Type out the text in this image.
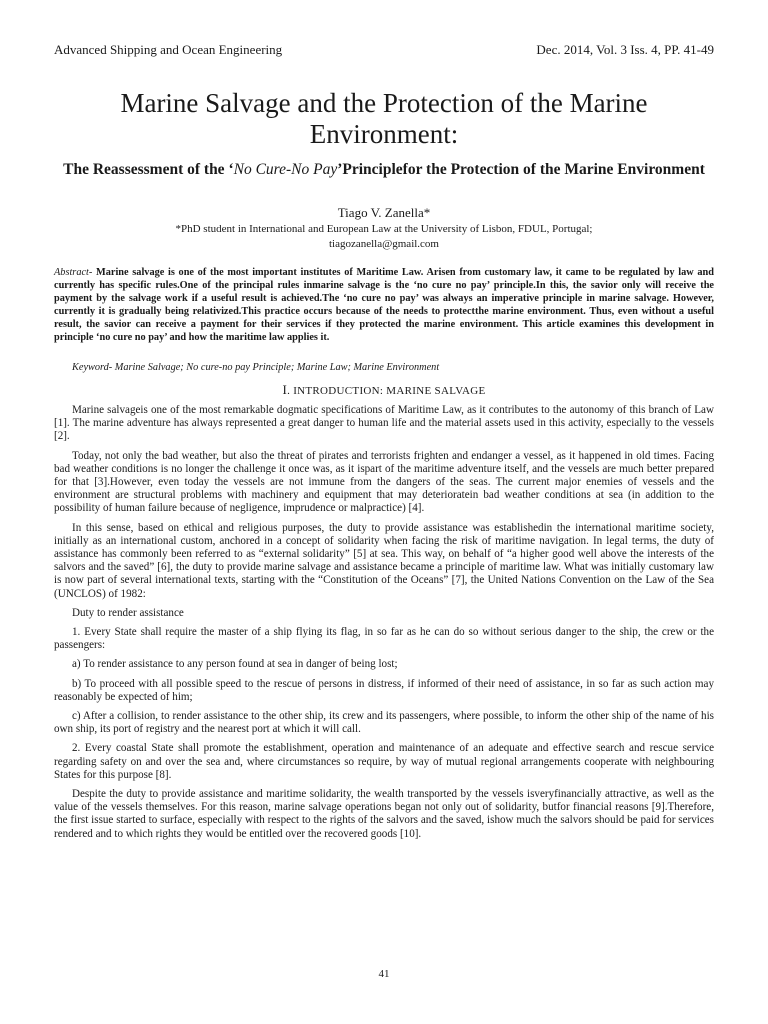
Advanced Shipping and Ocean Engineering	Dec. 2014, Vol. 3 Iss. 4, PP. 41-49
Marine Salvage and the Protection of the Marine
Environment:
The Reassessment of the ‘No Cure-No Pay’Principlefor the Protection of the Marine Environment
Tiago V. Zanella*
*PhD student in International and European Law at the University of Lisbon, FDUL, Portugal;
tiagozanella@gmail.com
Abstract- Marine salvage is one of the most important institutes of Maritime Law. Arisen from customary law, it came to be regulated by law and currently has specific rules.One of the principal rules inmarine salvage is the ‘no cure no pay’ principle.In this, the savior only will receive the payment by the salvage work if a useful result is achieved.The ‘no cure no pay’ was always an imperative principle in marine salvage. However, currently it is gradually being relativized.This practice occurs because of the needs to protectthe marine environment. Thus, even without a useful result, the savior can receive a payment for their services if they protected the marine environment. This article examines this development in principle ‘no cure no pay’ and how the maritime law applies it.
Keyword- Marine Salvage; No cure-no pay Principle; Marine Law; Marine Environment
I. INTRODUCTION: MARINE SALVAGE

Marine salvageis one of the most remarkable dogmatic specifications of Maritime Law, as it contributes to the autonomy of this branch of Law [1]. The marine adventure has always represented a great danger to human life and the material assets used in this activity, especially to the vessels [2].

Today, not only the bad weather, but also the threat of pirates and terrorists frighten and endanger a vessel, as it happened in old times. Facing bad weather conditions is no longer the challenge it once was, as it ispart of the maritime adventure itself, and the vessels are much better prepared for that [3].However, even today the vessels are not immune from the dangers of the seas. The current major enemies of vessels and the environment are structural problems with machinery and equipment that may deterioratein bad weather conditions at sea (in addition to the possibility of human failure because of negligence, imprudence or malpractice) [4].

In this sense, based on ethical and religious purposes, the duty to provide assistance was establishedin the international maritime society, initially as an international custom, anchored in a concept of solidarity when facing the risk of maritime navigation. In legal terms, the duty of assistance has commonly been referred to as “external solidarity” [5] at sea. This way, on behalf of “a higher good well above the interests of the salvors and the saved” [6], the duty to provide marine salvage and assistance became a principle of maritime law. What was initially customary law is now part of several international texts, starting with the “Constitution of the Oceans” [7], the United Nations Convention on the Law of the Sea (UNCLOS) of 1982:

Duty to render assistance

1. Every State shall require the master of a ship flying its flag, in so far as he can do so without serious danger to the ship, the crew or the passengers:

a) To render assistance to any person found at sea in danger of being lost;

b) To proceed with all possible speed to the rescue of persons in distress, if informed of their need of assistance, in so far as such action may reasonably be expected of him;

c) After a collision, to render assistance to the other ship, its crew and its passengers, where possible, to inform the other ship of the name of his own ship, its port of registry and the nearest port at which it will call.

2. Every coastal State shall promote the establishment, operation and maintenance of an adequate and effective search and rescue service regarding safety on and over the sea and, where circumstances so require, by way of mutual regional arrangements cooperate with neighbouring States for this purpose [8].

Despite the duty to provide assistance and maritime solidarity, the wealth transported by the vessels isveryfinancially attractive, as well as the value of the vessels themselves. For this reason, marine salvage operations began not only out of solidarity, butfor financial reasons [9].Therefore, the first issue started to surface, especially with respect to the rights of the salvors and the saved, ishow much the salvors should be paid for services rendered and to which rights they would be entitled over the recovered goods [10].

41
